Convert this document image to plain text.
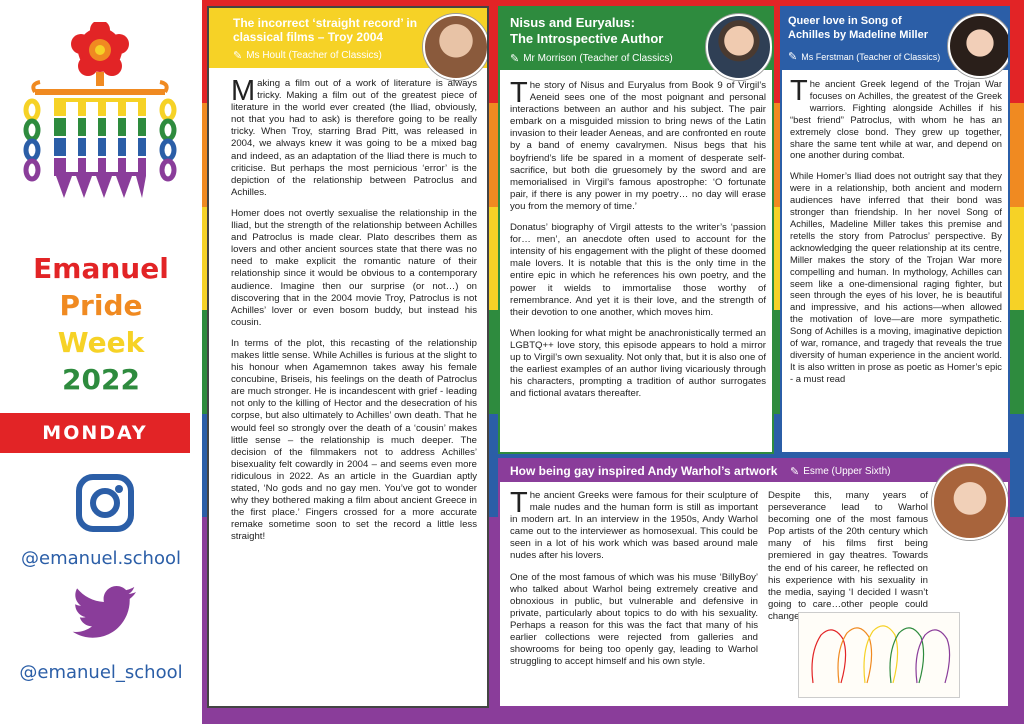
Emanuel
Pride
Week
2022
MONDAY
@emanuel.school
@emanuel_school
The incorrect ‘straight record’ in classical films – Troy 2004
✎ Ms Hoult (Teacher of Classics)

Making a film out of a work of literature is always tricky. Making a film out of the greatest piece of literature in the world ever created (the Iliad, obviously, not that you had to ask) is therefore going to be really tricky. When Troy, starring Brad Pitt, was released in 2004, we always knew it was going to be a mixed bag and indeed, as an adaptation of the Iliad there is much to criticise. But perhaps the most pernicious ‘error’ is the depiction of the relationship between Patroclus and Achilles.

Homer does not overtly sexualise the relationship in the Iliad, but the strength of the relationship between Achilles and Patroclus is made clear. Plato describes them as lovers and other ancient sources state that there was no need to make explicit the romantic nature of their relationship since it would be obvious to a contemporary audience. Imagine then our surprise (or not…) on discovering that in the 2004 movie Troy, Patroclus is not Achilles’ lover or even bosom buddy, but instead his cousin.

In terms of the plot, this recasting of the relationship makes little sense. While Achilles is furious at the slight to his honour when Agamemnon takes away his female concubine, Briseis, his feelings on the death of Patroclus are much stronger. He is incandescent with grief - leading not only to the killing of Hector and the desecration of his corpse, but also ultimately to Achilles’ own death. That he would feel so strongly over the death of a ‘cousin’ makes little sense – the relationship is much deeper. The decision of the filmmakers not to address Achilles’ bisexuality felt cowardly in 2004 – and seems even more ridiculous in 2022. As an article in the Guardian aptly stated, ‘No gods and no gay men. You’ve got to wonder why they bothered making a film about ancient Greece in the first place.’ Fingers crossed for a more accurate remake sometime soon to set the record a little less straight!

Nisus and Euryalus:
The Introspective Author
✎ Mr Morrison (Teacher of Classics)

The story of Nisus and Euryalus from Book 9 of Virgil’s Aeneid sees one of the most poignant and personal interactions between an author and his subject. The pair embark on a misguided mission to bring news of the Latin invasion to their leader Aeneas, and are confronted en route by a band of enemy cavalrymen. Nisus begs that his boyfriend’s life be spared in a moment of desperate self-sacrifice, but both die gruesomely by the sword and are memorialised in Virgil’s famous apostrophe: ‘O fortunate pair, if there is any power in my poetry… no day will erase you from the memory of time.’

Donatus’ biography of Virgil attests to the writer’s ‘passion for… men’, an anecdote often used to account for the intensity of his engagement with the plight of these doomed male lovers. It is notable that this is the only time in the entire epic in which he references his own poetry, and the power it wields to immortalise those worthy of remembrance. And yet it is their love, and the strength of their devotion to one another, which moves him.

When looking for what might be anachronistically termed an LGBTQ++ love story, this episode appears to hold a mirror up to Virgil’s own sexuality. Not only that, but it is also one of the earliest examples of an author living vicariously through his characters, prompting a tradition of author surrogates and fictional avatars thereafter.

Queer love in Song of
Achilles by Madeline Miller
✎ Ms Ferstman (Teacher of Classics)

The ancient Greek legend of the Trojan War focuses on Achilles, the greatest of the Greek warriors. Fighting alongside Achilles if his “best friend” Patroclus, with whom he has an extremely close bond. They grew up together, share the same tent while at war, and depend on one another during combat.

While Homer’s Iliad does not outright say that they were in a relationship, both ancient and modern audiences have inferred that their bond was stronger than friendship. In her novel Song of Achilles, Madeline Miller takes this premise and retells the story from Patroclus’ perspective. By acknowledging the queer relationship at its centre, Miller makes the story of the Trojan War more compelling and human. In mythology, Achilles can seem like a one-dimensional raging fighter, but seen through the eyes of his lover, he is beautiful and impressive, and his actions—when allowed the motivation of love—are more sympathetic. Song of Achilles is a moving, imaginative depiction of war, romance, and tragedy that reveals the true diversity of human experience in the ancient world. It is also written in prose as poetic as Homer’s epic - a must read

How being gay inspired Andy Warhol’s artwork ✎ Esme (Upper Sixth)

The ancient Greeks were famous for their sculpture of male nudes and the human form is still as important in modern art. In an interview in the 1950s, Andy Warhol came out to the interviewer as homosexual. This could be seen in a lot of his work which was based around male nudes after his lovers.

One of the most famous of which was his muse ‘BillyBoy’ who talked about Warhol being extremely creative and obnoxious in public, but vulnerable and defensive in private, particularly about topics to do with his sexuality. Perhaps a reason for this was the fact that many of his earlier collections were rejected from galleries and showrooms for being too openly gay, leading to Warhol struggling to accept himself and his own style.

Despite this, many years of perseverance lead to Warhol becoming one of the most famous Pop artists of the 20th century which many of his films first being premiered in gay theatres. Towards the end of his career, he reflected on his experience with his sexuality in the media, saying ‘I decided I wasn’t going to care…other people could change their attitudes
